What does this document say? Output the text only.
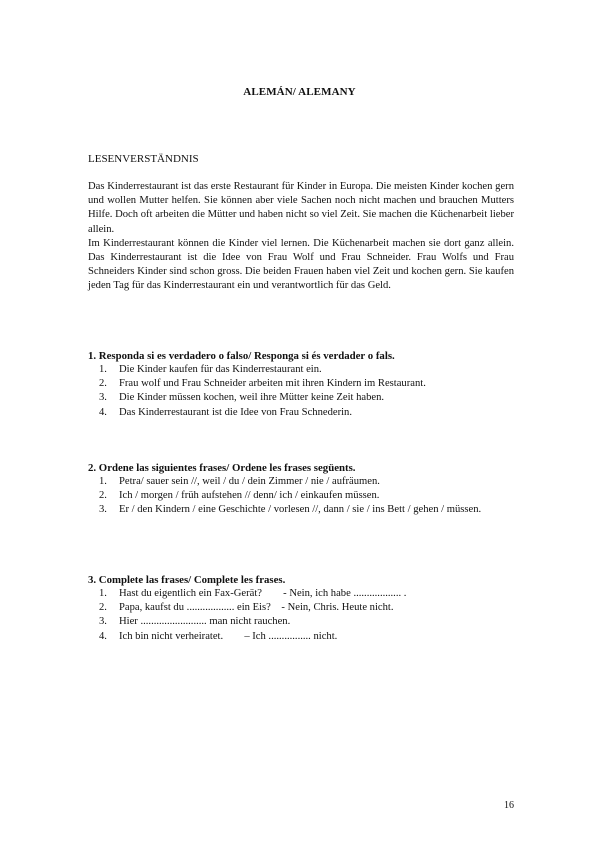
ALEMÁN/ ALEMANY
LESENVERSTÄNDNIS

Das Kinderrestaurant ist das erste Restaurant für Kinder in Europa. Die meisten Kinder kochen gern und wollen Mutter helfen. Sie können aber viele Sachen noch nicht machen und brauchen Mutters Hilfe. Doch oft arbeiten die Mütter und haben nicht so viel Zeit. Sie machen die Küchenarbeit lieber allein.

Im Kinderrestaurant können die Kinder viel lernen. Die Küchenarbeit machen sie dort ganz allein. Das Kinderrestaurant ist die Idee von Frau Wolf und Frau Schneider. Frau Wolfs und Frau Schneiders Kinder sind schon gross. Die beiden Frauen haben viel Zeit und kochen gern. Sie kaufen jeden Tag für das Kinderrestaurant ein und verantwortlich für das Geld.

1. Responda si es verdadero o falso/ Responga si és verdader o fals.
1. Die Kinder kaufen für das Kinderrestaurant ein.
2. Frau wolf und Frau Schneider arbeiten mit ihren Kindern im Restaurant.
3. Die Kinder müssen kochen, weil ihre Mütter keine Zeit haben.
4. Das Kinderrestaurant ist die Idee von Frau Schnederin.
2. Ordene las siguientes frases/ Ordene les frases següents.
1. Petra/ sauer sein //, weil / du / dein Zimmer / nie / aufräumen.
2. Ich / morgen / früh aufstehen // denn/ ich / einkaufen müssen.
3. Er / den Kindern / eine Geschichte / vorlesen //, dann / sie / ins Bett / gehen / müssen.
3. Complete las frases/ Complete les frases.
1. Hast du eigentlich ein Fax-Gerät?        - Nein, ich habe .................. .
2. Papa, kaufst du .................. ein Eis?    - Nein, Chris. Heute nicht.
3. Hier ......................... man nicht rauchen.
4. Ich bin nicht verheiratet.        – Ich ................ nicht.
16
